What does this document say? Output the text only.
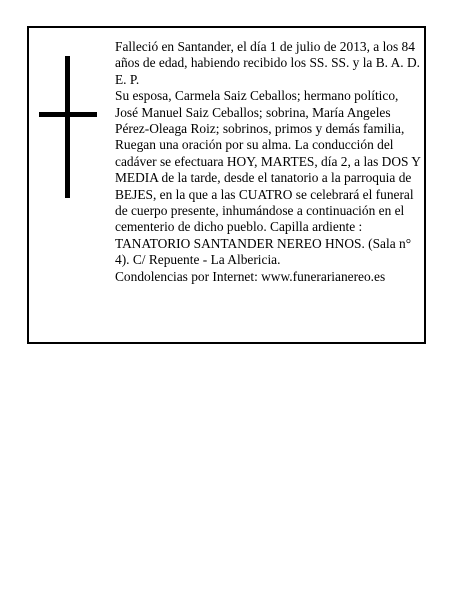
Falleció en Santander, el día 1 de julio de 2013, a los 84 años de edad, habiendo recibido los SS. SS. y la B. A. D. E. P.

Su esposa, Carmela Saiz Ceballos; hermano político, José Manuel Saiz Ceballos; sobrina, María Angeles Pérez-Oleaga Roiz; sobrinos, primos y demás familia, Ruegan una oración por su alma. La conducción del cadáver se efectuara HOY, MARTES, día 2, a las DOS Y MEDIA de la tarde, desde el tanatorio a la parroquia de BEJES, en la que a las CUATRO se celebrará el funeral de cuerpo presente, inhumándose a continuación en el cementerio de dicho pueblo. Capilla ardiente : TANATORIO SANTANDER NEREO HNOS. (Sala n° 4). C/ Repuente - La Albericia.

Condolencias por Internet: www.funerarianereo.es
